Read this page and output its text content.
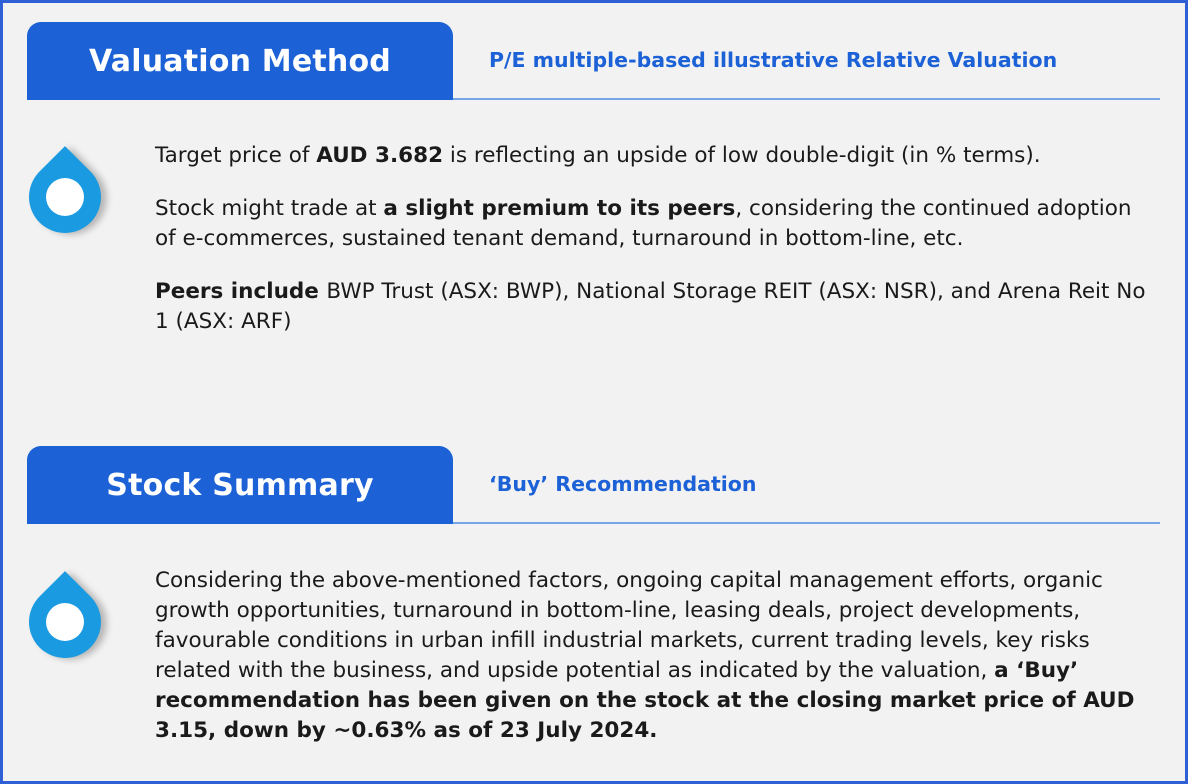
Valuation Method	P/E multiple-based illustrative Relative Valuation

Target price of AUD 3.682 is reflecting an upside of low double-digit (in % terms).

Stock might trade at a slight premium to its peers, considering the continued adoption of e-commerces, sustained tenant demand, turnaround in bottom-line, etc.

Peers include BWP Trust (ASX: BWP), National Storage REIT (ASX: NSR), and Arena Reit No 1 (ASX: ARF)

Stock Summary	‘Buy’ Recommendation

Considering the above-mentioned factors, ongoing capital management efforts, organic growth opportunities, turnaround in bottom-line, leasing deals, project developments, favourable conditions in urban infill industrial markets, current trading levels, key risks related with the business, and upside potential as indicated by the valuation, a ‘Buy’ recommendation has been given on the stock at the closing market price of AUD 3.15, down by ~0.63% as of 23 July 2024.
